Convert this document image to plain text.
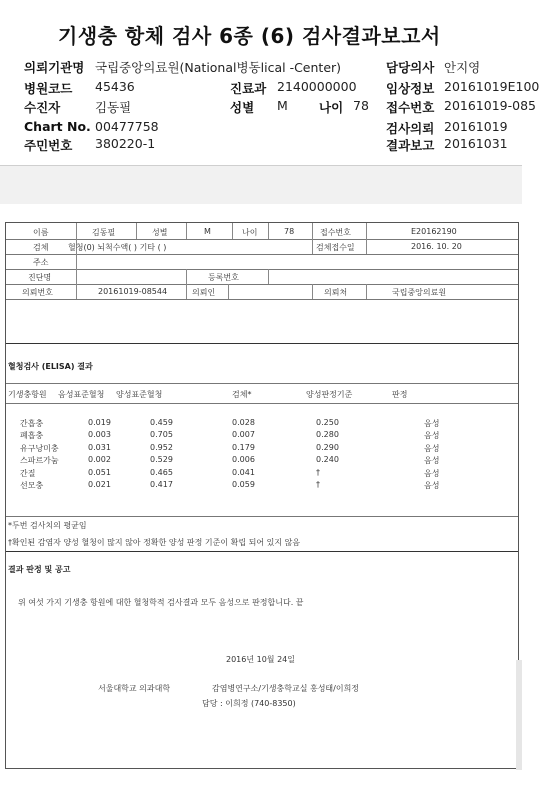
기생충 항체 검사 6종 (6) 검사결과보고서
의뢰기관명 국립중앙의료원(National병동lical -Center)	담당의사 안지영
병원코드 45436	진료과 2140000000 임상정보 20161019E100
수진자	김동필	성별 M 나이 78 접수번호 20161019-085
Chart No. 00477758	검사의뢰 20161019
주민번호 380220-1	결과보고 20161031
이름	김동필	성별	M	나이	78	접수번호	E20162190
검체 혈청(0) 뇌척수액( ) 기타 ( )	검체접수일	2016. 10. 20
주소
진단명	등록번호
의뢰번호	20161019-08544	의뢰인	의뢰처	국립중앙의료원
혈청검사 (ELISA) 결과
기생충항원 음성표준혈청 양성표준혈청	검체*	양성판정기준	판정
간흡충	0.019	0.459	0.028	0.250	음성
폐흡충	0.003	0.705	0.007	0.280	음성
유구낭미충	0.031	0.952	0.179	0.290	음성
스파르가눔	0.002	0.529	0.006	0.240	음성
간질	0.051	0.465	0.041	†	음성
선모충	0.021	0.417	0.059	†	음성
*두번 검사치의 평균임
†확인된 감염자 양성 혈청이 많지 않아 정확한 양성 판정 기준이 확립 되어 있지 않음
결과 판정 및 공고
위 여섯 가지 기생충 항원에 대한 혈청학적 검사결과 모두 음성으로 판정합니다. 끝
2016년 10월 24일
서울대학교 의과대학	감염병연구소/기생충학교실 홍성태/이희정
담당 : 이희정 (740-8350)
